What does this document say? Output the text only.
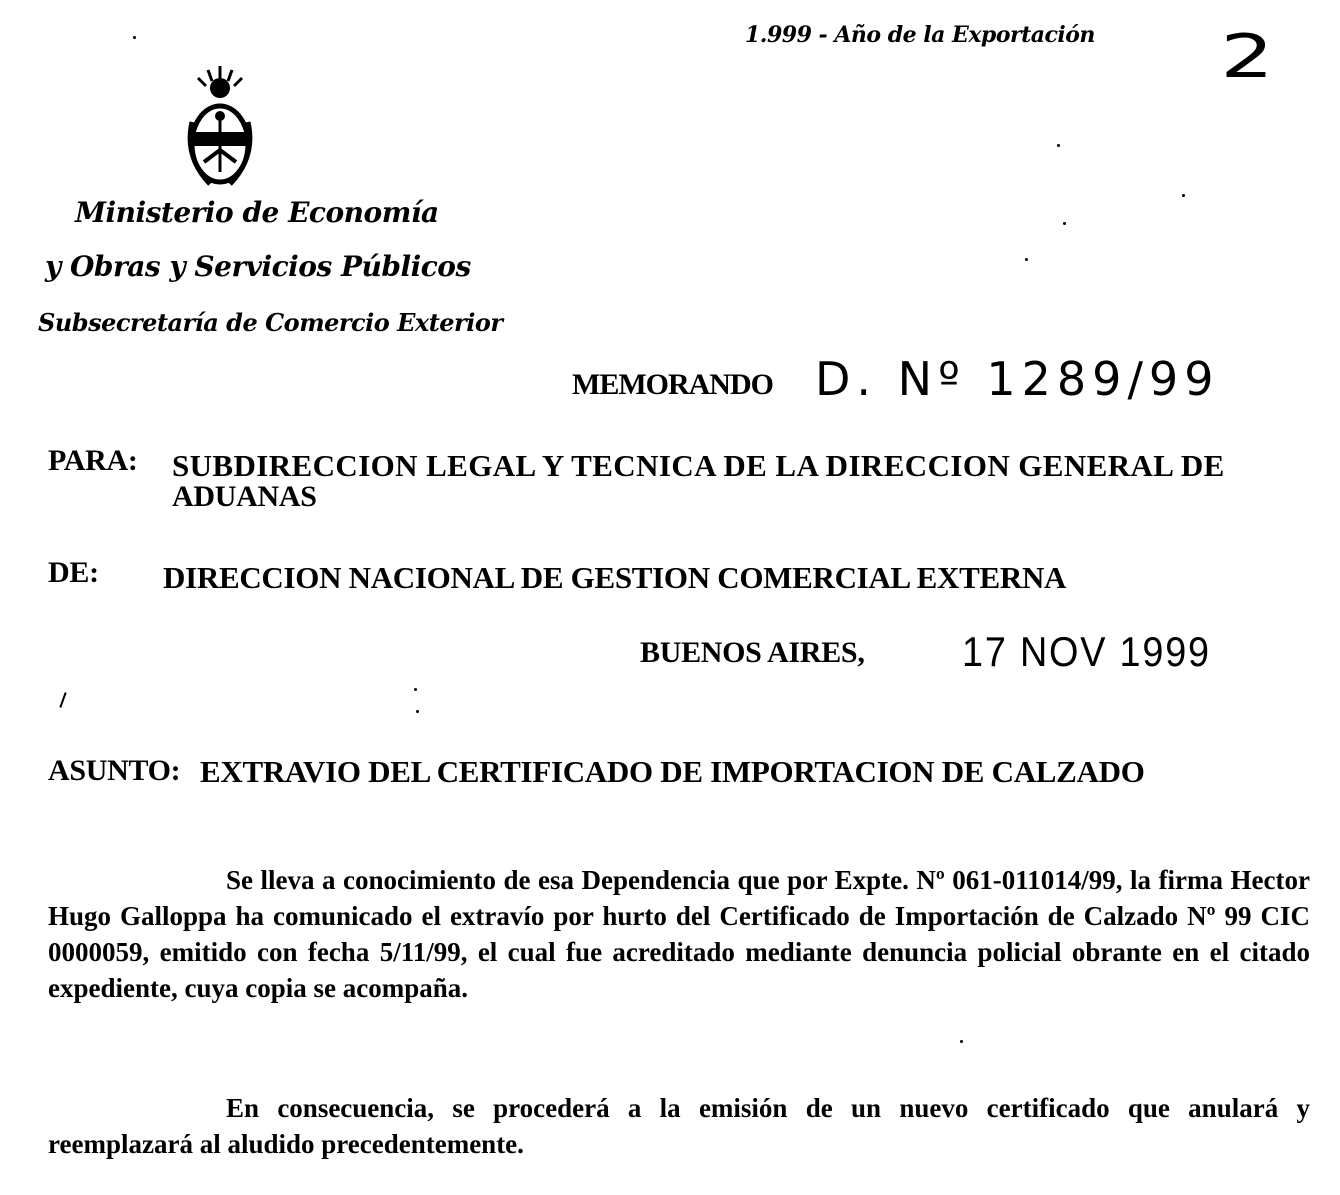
1.999 - Año de la Exportación 2
Ministerio de Economía
y Obras y Servicios Públicos
Subsecretaría de Comercio Exterior
MEMORANDO D. Nº 1289/99
PARA: SUBDIRECCION LEGAL Y TECNICA DE LA DIRECCION GENERAL DE
ADUANAS
DE: DIRECCION NACIONAL DE GESTION COMERCIAL EXTERNA
BUENOS AIRES, 17 NOV 1999
ASUNTO: EXTRAVIO DEL CERTIFICADO DE IMPORTACION DE CALZADO
Se lleva a conocimiento de esa Dependencia que por Expte. Nº 061-011014/99, la firma Hector Hugo Galloppa ha comunicado el extravío por hurto del Certificado de Importación de Calzado Nº 99 CIC 0000059, emitido con fecha 5/11/99, el cual fue acreditado mediante denuncia policial obrante en el citado expediente, cuya copia se acompaña.
En consecuencia, se procederá a la emisión de un nuevo certificado que anulará y reemplazará al aludido precedentemente.
